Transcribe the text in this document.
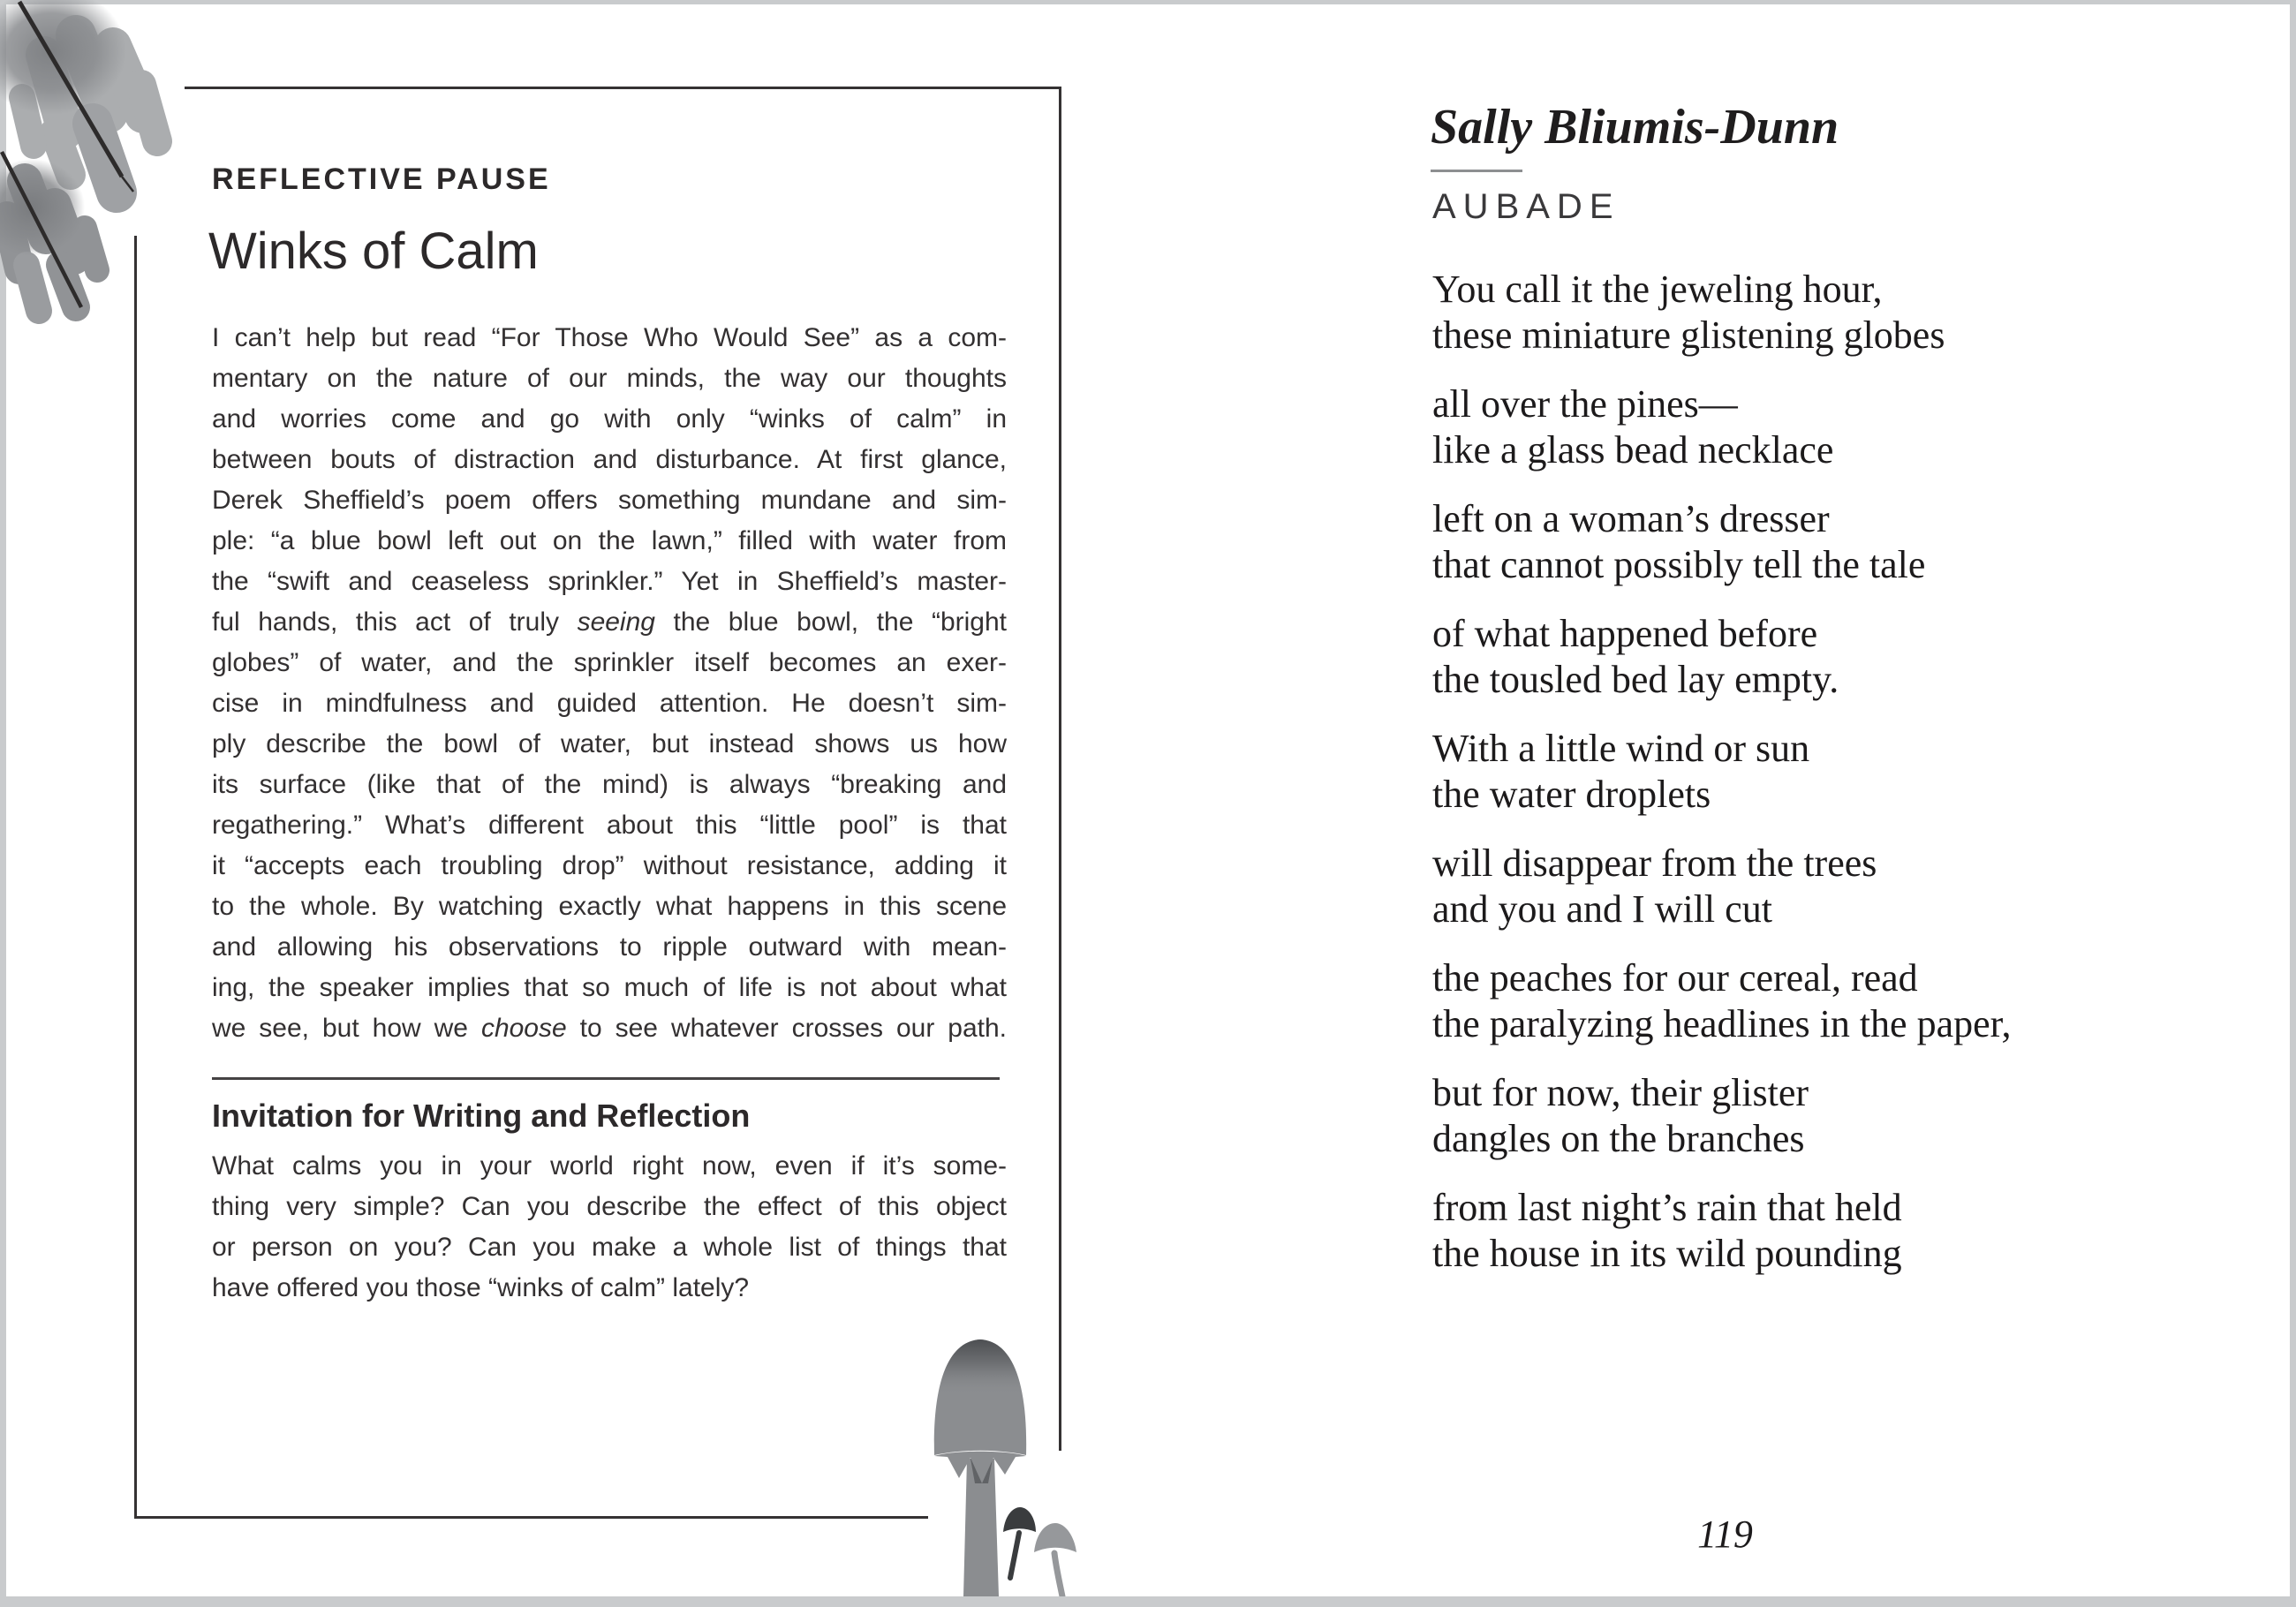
REFLECTIVE PAUSE
Winks of Calm
I can’t help but read “For Those Who Would See” as a com-
mentary on the nature of our minds, the way our thoughts
and worries come and go with only “winks of calm” in
between bouts of distraction and disturbance. At first glance,
Derek Sheffield’s poem offers something mundane and sim-
ple: “a blue bowl left out on the lawn,” filled with water from
the “swift and ceaseless sprinkler.” Yet in Sheffield’s master-
ful hands, this act of truly seeing the blue bowl, the “bright
globes” of water, and the sprinkler itself becomes an exer-
cise in mindfulness and guided attention. He doesn’t sim-
ply describe the bowl of water, but instead shows us how
its surface (like that of the mind) is always “breaking and
regathering.” What’s different about this “little pool” is that
it “accepts each troubling drop” without resistance, adding it
to the whole. By watching exactly what happens in this scene
and allowing his observations to ripple outward with mean-
ing, the speaker implies that so much of life is not about what
we see, but how we choose to see whatever crosses our path.
Invitation for Writing and Reflection
What calms you in your world right now, even if it’s some-
thing very simple? Can you describe the effect of this object
or person on you? Can you make a whole list of things that
have offered you those “winks of calm” lately?
Sally Bliumis-Dunn
AUBADE
You call it the jeweling hour,
these miniature glistening globes
all over the pines—
like a glass bead necklace
left on a woman’s dresser
that cannot possibly tell the tale
of what happened before
the tousled bed lay empty.
With a little wind or sun
the water droplets
will disappear from the trees
and you and I will cut
the peaches for our cereal, read
the paralyzing headlines in the paper,
but for now, their glister
dangles on the branches
from last night’s rain that held
the house in its wild pounding
119
